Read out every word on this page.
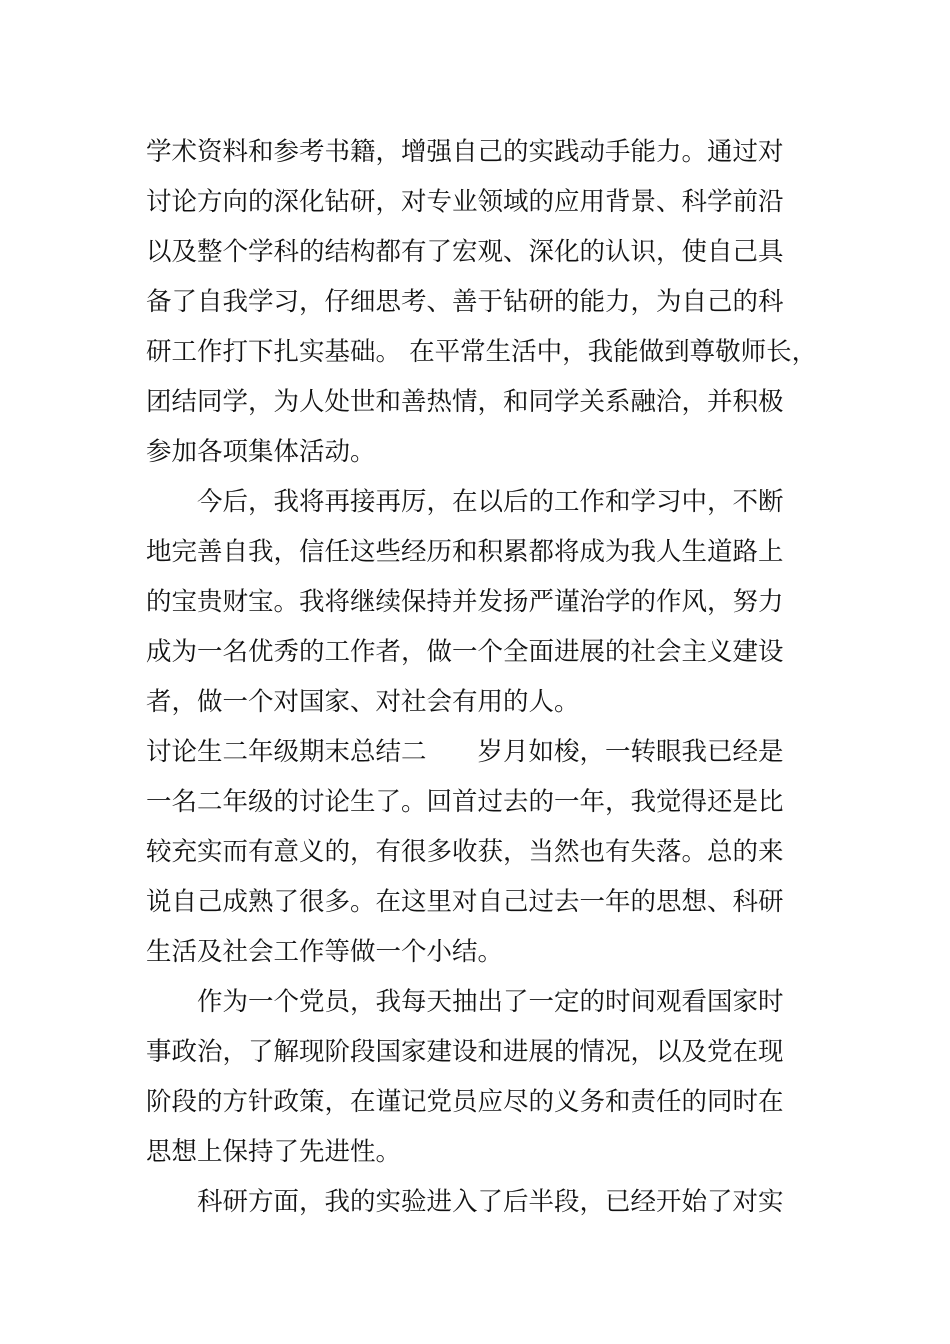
学术资料和参考书籍，增强自己的实践动手能力。通过对
讨论方向的深化钻研，对专业领域的应用背景、科学前沿
以及整个学科的结构都有了宏观、深化的认识，使自己具
备了自我学习，仔细思考、善于钻研的能力，为自己的科
研工作打下扎实基础。 在平常生活中，我能做到尊敬师长，
团结同学，为人处世和善热情，和同学关系融洽，并积极
参加各项集体活动。
今后，我将再接再厉，在以后的工作和学习中，不断
地完善自我，信任这些经历和积累都将成为我人生道路上
的宝贵财宝。我将继续保持并发扬严谨治学的作风，努力
成为一名优秀的工作者，做一个全面进展的社会主义建设
者，做一个对国家、对社会有用的人。
讨论生二年级期末总结二　　岁月如梭，一转眼我已经是
一名二年级的讨论生了。回首过去的一年，我觉得还是比
较充实而有意义的，有很多收获，当然也有失落。总的来
说自己成熟了很多。在这里对自己过去一年的思想、科研
生活及社会工作等做一个小结。
作为一个党员，我每天抽出了一定的时间观看国家时
事政治，了解现阶段国家建设和进展的情况，以及党在现
阶段的方针政策，在谨记党员应尽的义务和责任的同时在
思想上保持了先进性。
科研方面，我的实验进入了后半段，已经开始了对实
